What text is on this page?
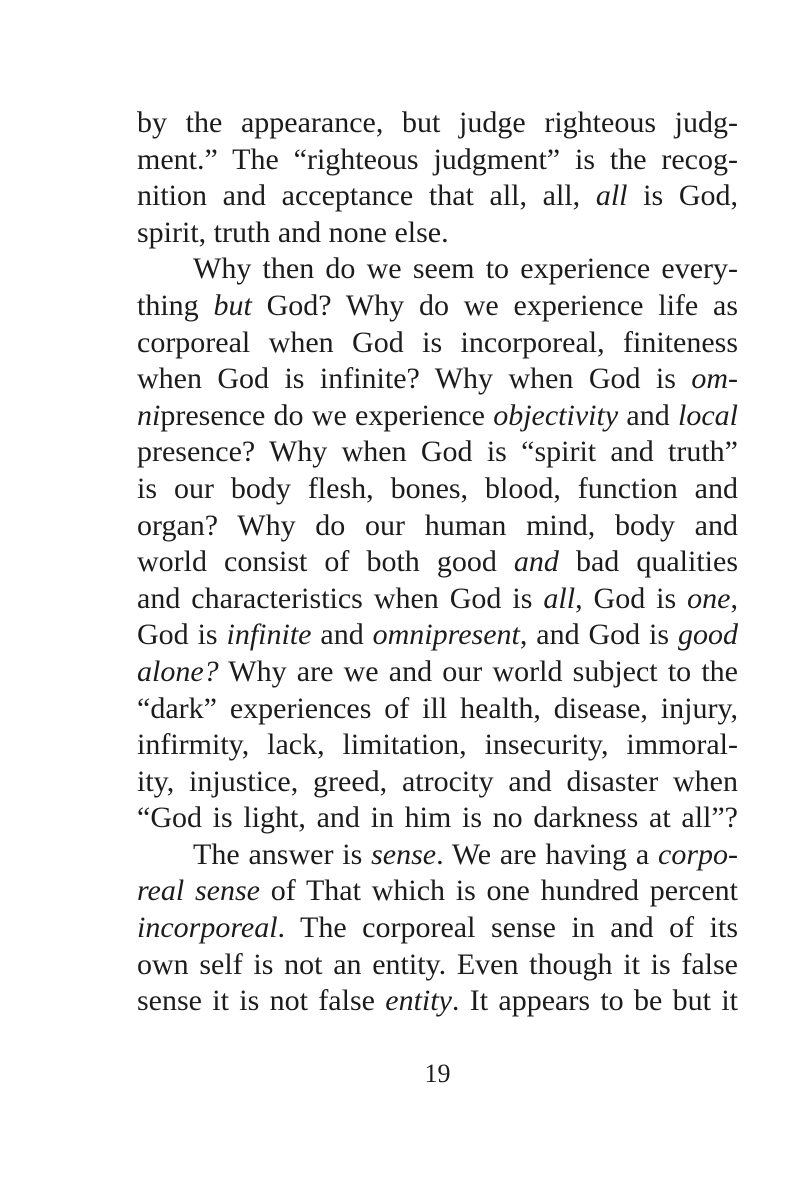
by the appearance, but judge righteous judg-
ment.” The “righteous judgment” is the recog-
nition and acceptance that all, all, all is God,
spirit, truth and none else.
Why then do we seem to experience every-
thing but God? Why do we experience life as
corporeal when God is incorporeal, finiteness
when God is infinite? Why when God is om-
nipresence do we experience objectivity and local
presence? Why when God is “spirit and truth”
is our body flesh, bones, blood, function and
organ? Why do our human mind, body and
world consist of both good and bad qualities
and characteristics when God is all, God is one,
God is infinite and omnipresent, and God is good
alone? Why are we and our world subject to the
“dark” experiences of ill health, disease, injury,
infirmity, lack, limitation, insecurity, immoral-
ity, injustice, greed, atrocity and disaster when
“God is light, and in him is no darkness at all”?
The answer is sense. We are having a corpo-
real sense of That which is one hundred percent
incorporeal. The corporeal sense in and of its
own self is not an entity. Even though it is false
sense it is not false entity. It appears to be but it
19
